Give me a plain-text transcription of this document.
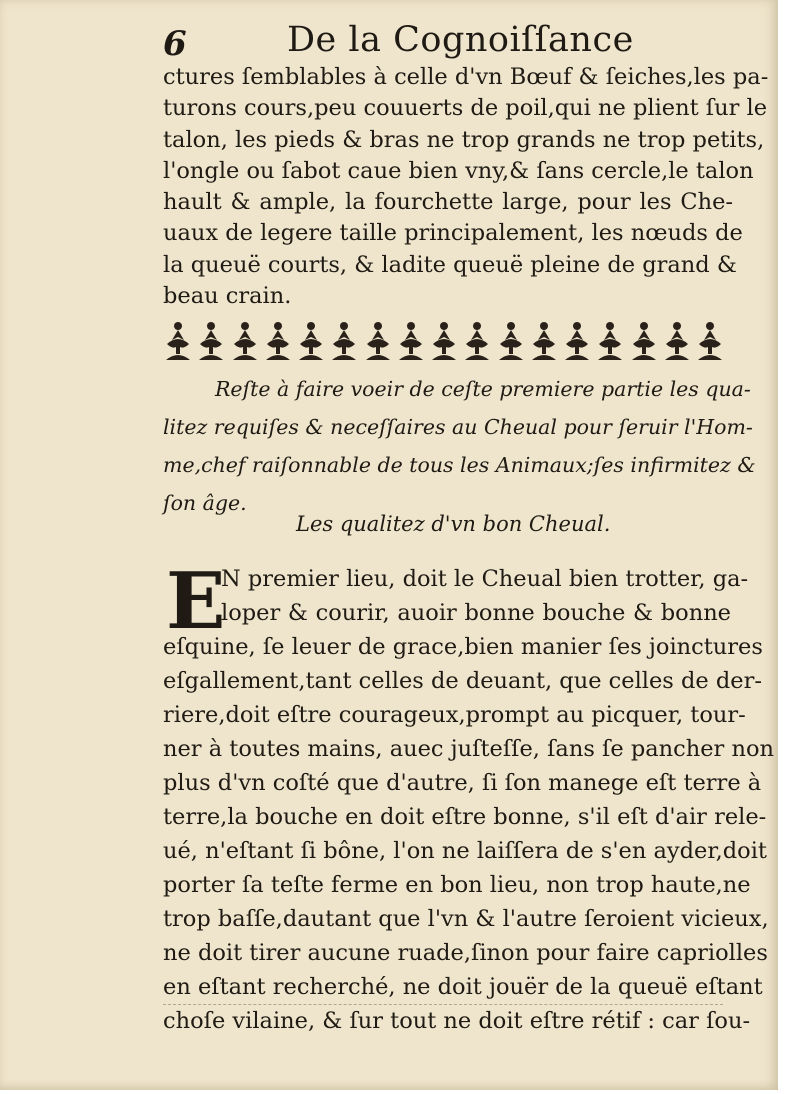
6	De la Cognoiſſance
ctures ſemblables à celle d'vn Bœuf & ſeiches,les pa-
turons cours,peu couuerts de poil,qui ne plient ſur le
talon, les pieds & bras ne trop grands ne trop petits,
l'ongle ou ſabot caue bien vny,& ſans cercle,le talon
hault & ample, la fourchette large, pour les Che-
uaux de legere taille principalement, les nœuds de
la queuë courts, & ladite queuë pleine de grand &
beau crain.
Reſte à faire voeir de ceſte premiere partie les qua-
litez requiſes & neceſſaires au Cheual pour ſeruir l'Hom-
me,chef raiſonnable de tous les Animaux;ſes infirmitez &
ſon âge.
Les qualitez d'vn bon Cheual.
E
N premier lieu, doit le Cheual bien trotter, ga-
loper & courir, auoir bonne bouche & bonne
eſquine, ſe leuer de grace,bien manier ſes joinctures
eſgallement,tant celles de deuant, que celles de der-
riere,doit eſtre courageux,prompt au picquer, tour-
ner à toutes mains, auec juſteſſe, ſans ſe pancher non
plus d'vn coſté que d'autre, ſi ſon manege eſt terre à
terre,la bouche en doit eſtre bonne, s'il eſt d'air rele-
ué, n'eſtant ſi bône, l'on ne laiſſera de s'en ayder,doit
porter ſa teſte ferme en bon lieu, non trop haute,ne
trop baſſe,dautant que l'vn & l'autre ſeroient vicieux,
ne doit tirer aucune ruade,ſinon pour faire capriolles
en eſtant recherché, ne doit jouër de la queuë eſtant
choſe vilaine, & ſur tout ne doit eſtre rétif : car ſou-
